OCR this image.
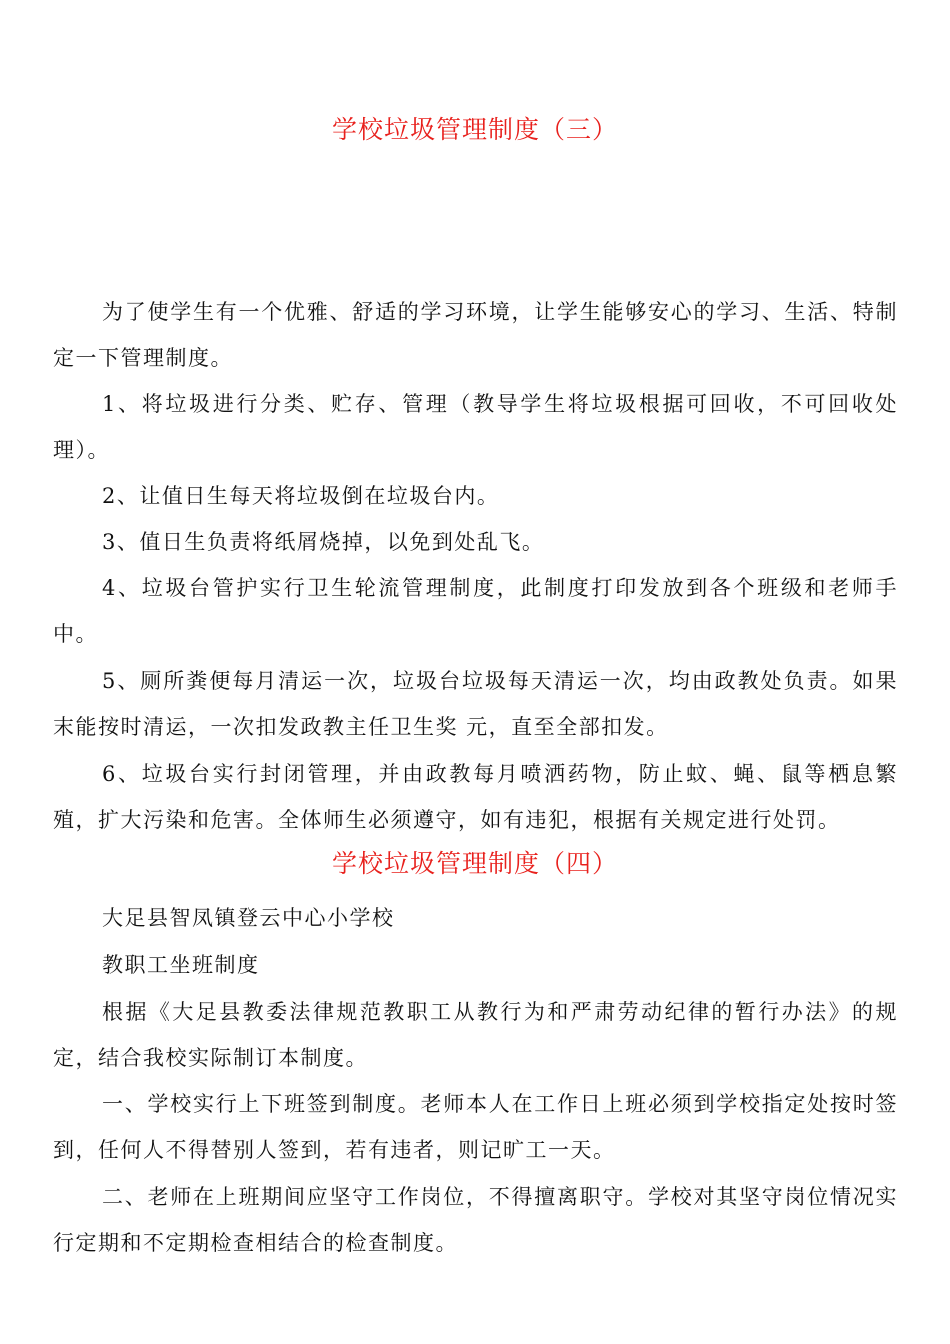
学校垃圾管理制度（三）

为了使学生有一个优雅、舒适的学习环境，让学生能够安心的学习、生活、特制定一下管理制度。

1、将垃圾进行分类、贮存、管理（教导学生将垃圾根据可回收，不可回收处理）。

2、让值日生每天将垃圾倒在垃圾台内。

3、值日生负责将纸屑烧掉，以免到处乱飞。

4、垃圾台管护实行卫生轮流管理制度，此制度打印发放到各个班级和老师手中。

5、厕所粪便每月清运一次，垃圾台垃圾每天清运一次，均由政教处负责。如果末能按时清运，一次扣发政教主任卫生奖 元，直至全部扣发。

6、垃圾台实行封闭管理，并由政教每月喷洒药物，防止蚊、蝇、鼠等栖息繁殖，扩大污染和危害。全体师生必须遵守，如有违犯，根据有关规定进行处罚。

学校垃圾管理制度（四）

大足县智凤镇登云中心小学校

教职工坐班制度

根据《大足县教委法律规范教职工从教行为和严肃劳动纪律的暂行办法》的规定，结合我校实际制订本制度。

一、学校实行上下班签到制度。老师本人在工作日上班必须到学校指定处按时签到，任何人不得替别人签到，若有违者，则记旷工一天。

二、老师在上班期间应坚守工作岗位，不得擅离职守。学校对其坚守岗位情况实行定期和不定期检查相结合的检查制度。
